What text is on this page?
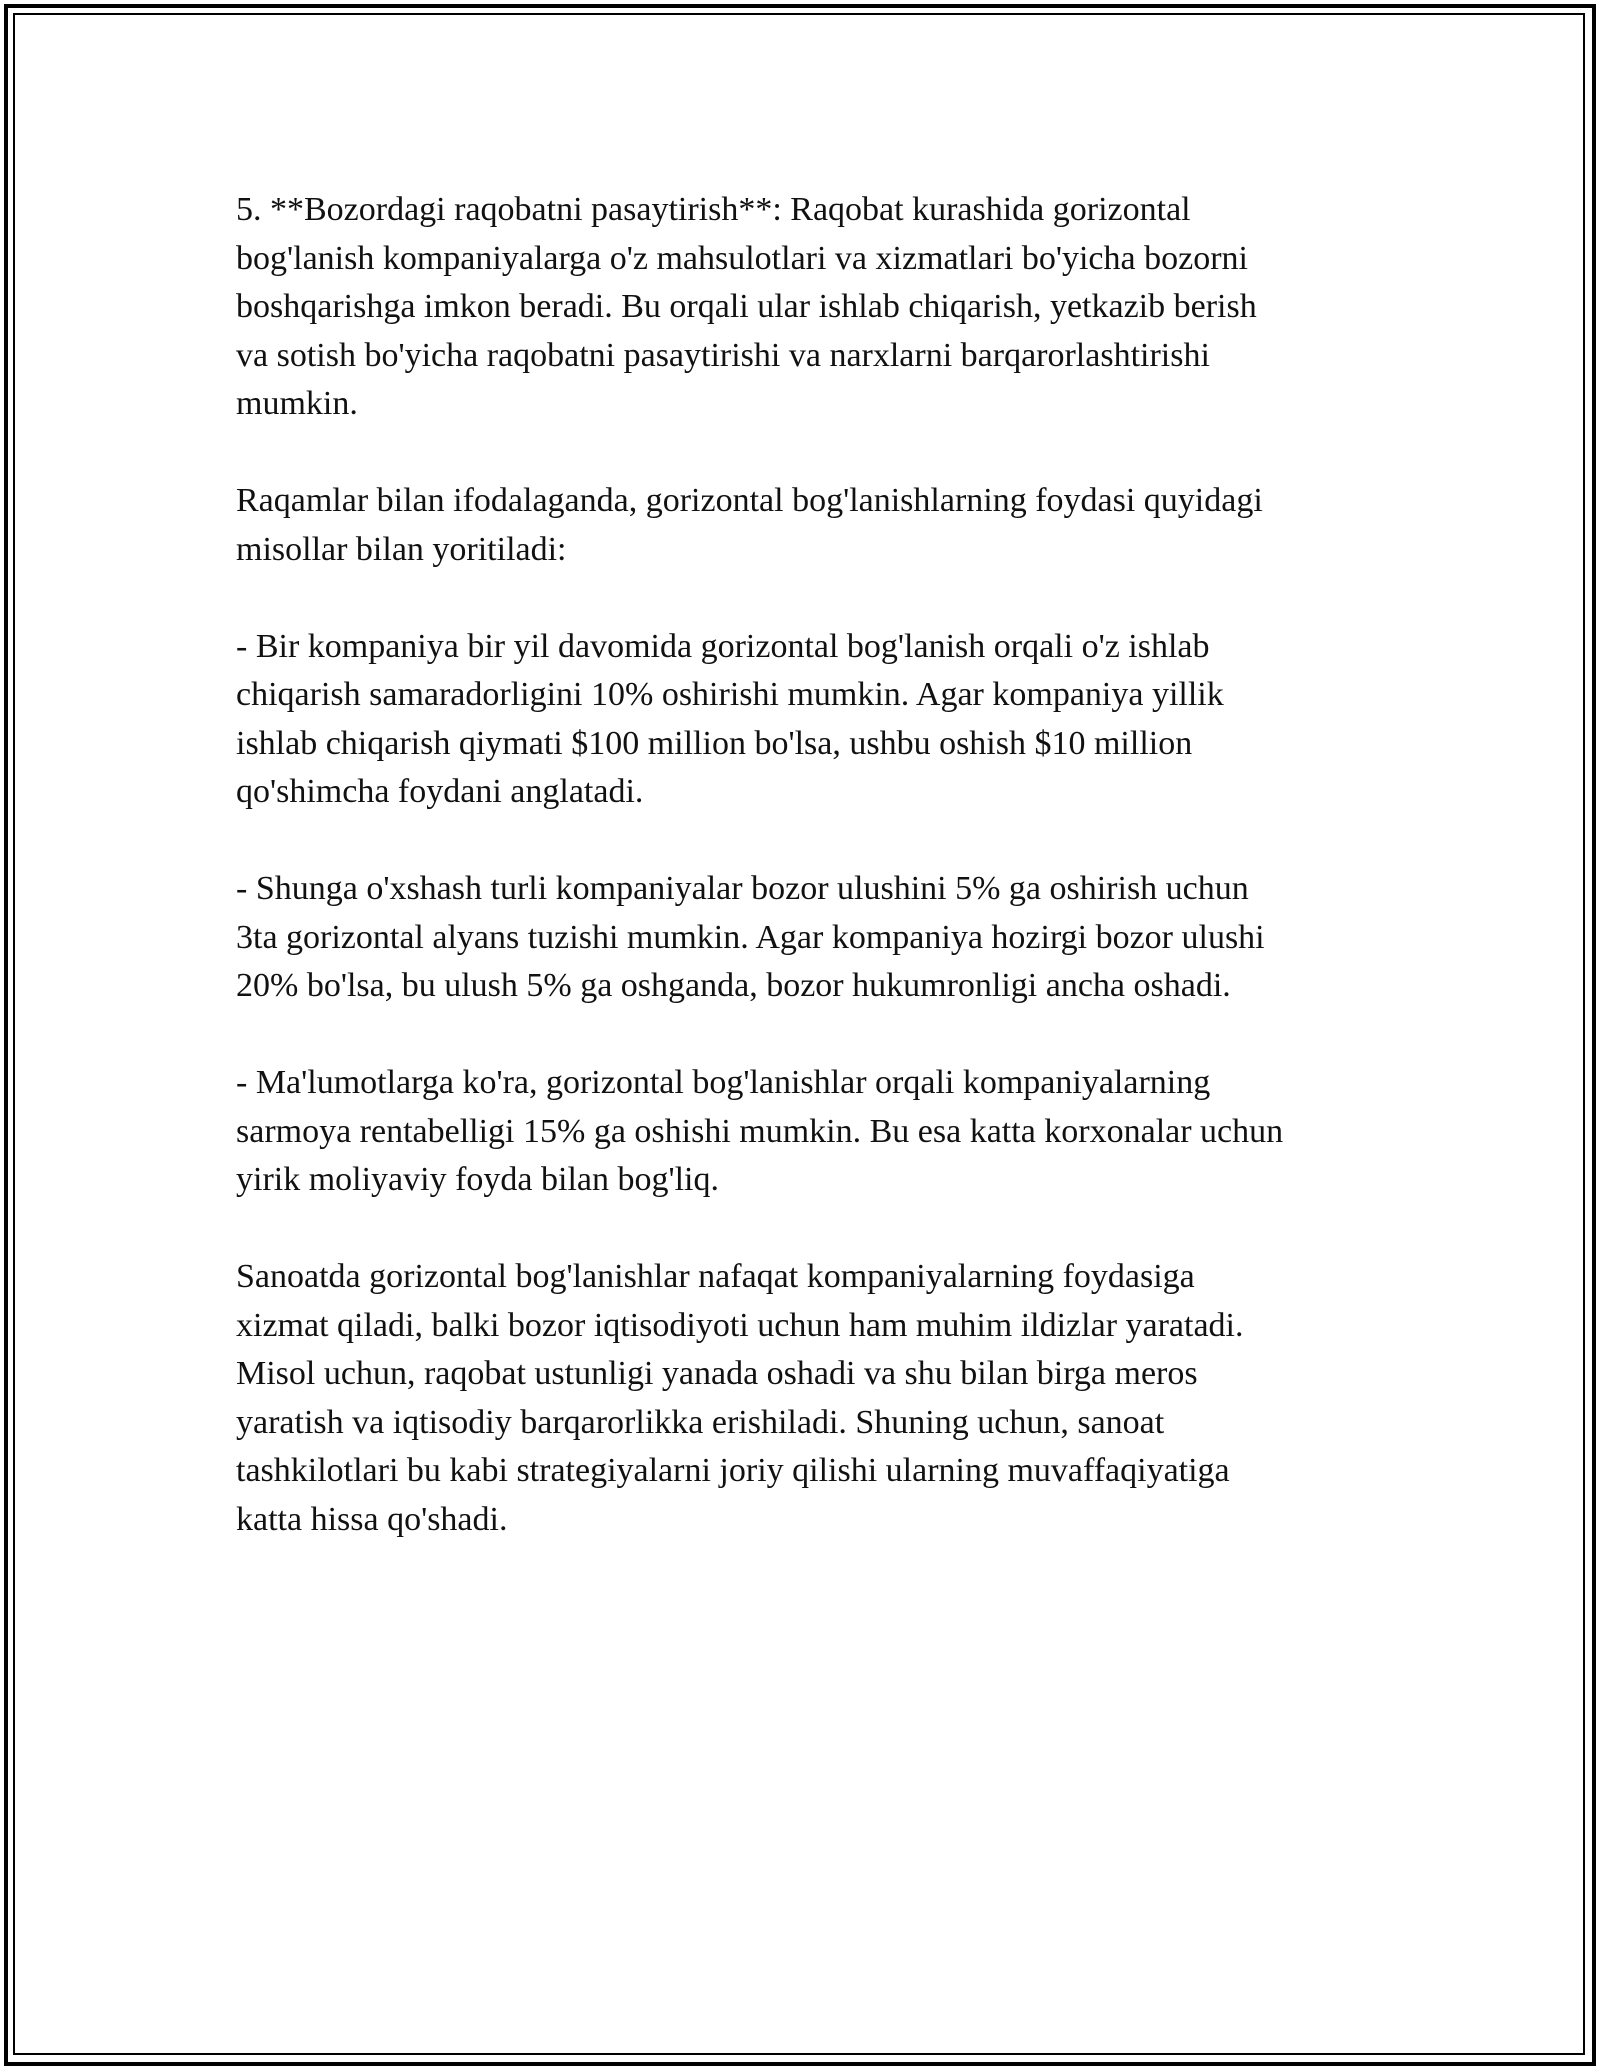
5. **Bozordagi raqobatni pasaytirish**: Raqobat kurashida gorizontal
bog'lanish kompaniyalarga o'z mahsulotlari va xizmatlari bo'yicha bozorni
boshqarishga imkon beradi. Bu orqali ular ishlab chiqarish, yetkazib berish
va sotish bo'yicha raqobatni pasaytirishi va narxlarni barqarorlashtirishi
mumkin.

Raqamlar bilan ifodalaganda, gorizontal bog'lanishlarning foydasi quyidagi
misollar bilan yoritiladi:

- Bir kompaniya bir yil davomida gorizontal bog'lanish orqali o'z ishlab
chiqarish samaradorligini 10% oshirishi mumkin. Agar kompaniya yillik
ishlab chiqarish qiymati $100 million bo'lsa, ushbu oshish $10 million
qo'shimcha foydani anglatadi.

- Shunga o'xshash turli kompaniyalar bozor ulushini 5% ga oshirish uchun
3ta gorizontal alyans tuzishi mumkin. Agar kompaniya hozirgi bozor ulushi
20% bo'lsa, bu ulush 5% ga oshganda, bozor hukumronligi ancha oshadi.

- Ma'lumotlarga ko'ra, gorizontal bog'lanishlar orqali kompaniyalarning
sarmoya rentabelligi 15% ga oshishi mumkin. Bu esa katta korxonalar uchun
yirik moliyaviy foyda bilan bog'liq.

Sanoatda gorizontal bog'lanishlar nafaqat kompaniyalarning foydasiga
xizmat qiladi, balki bozor iqtisodiyoti uchun ham muhim ildizlar yaratadi.
Misol uchun, raqobat ustunligi yanada oshadi va shu bilan birga meros
yaratish va iqtisodiy barqarorlikka erishiladi. Shuning uchun, sanoat
tashkilotlari bu kabi strategiyalarni joriy qilishi ularning muvaffaqiyatiga
katta hissa qo'shadi.
